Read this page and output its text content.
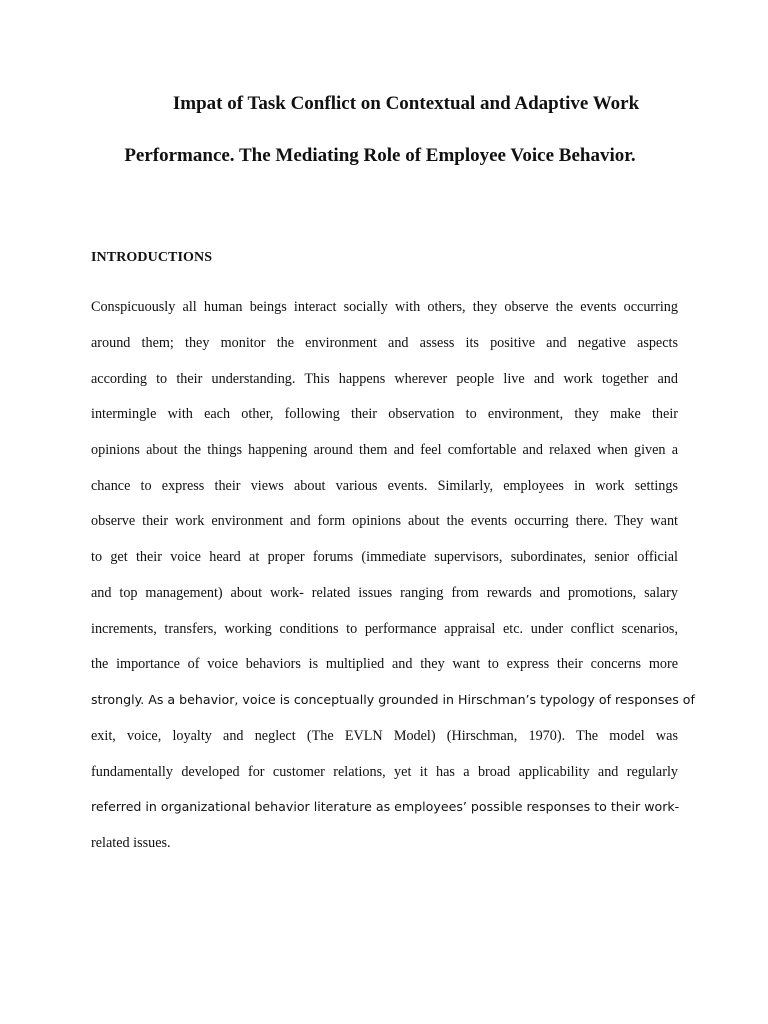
Impat of Task Conflict on Contextual and Adaptive Work
Performance. The Mediating Role of Employee Voice Behavior.
INTRODUCTIONS

Conspicuously all human beings interact socially with others, they observe the events occurring

around them; they monitor the environment and assess its positive and negative aspects

according to their understanding. This happens wherever people live and work together and

intermingle with each other, following their observation to environment, they make their

opinions about the things happening around them and feel comfortable and relaxed when given a

chance to express their views about various events. Similarly, employees in work settings

observe their work environment and form opinions about the events occurring there. They want

to get their voice heard at proper forums (immediate supervisors, subordinates, senior official

and top management) about work- related issues ranging from rewards and promotions, salary

increments, transfers, working conditions to performance appraisal etc. under conflict scenarios,

the importance of voice behaviors is multiplied and they want to express their concerns more

strongly. As a behavior, voice is conceptually grounded in Hirschman’s typology of responses of

exit, voice, loyalty and neglect (The EVLN Model) (Hirschman, 1970). The model was

fundamentally developed for customer relations, yet it has a broad applicability and regularly

referred in organizational behavior literature as employees’ possible responses to their work-

related issues.
